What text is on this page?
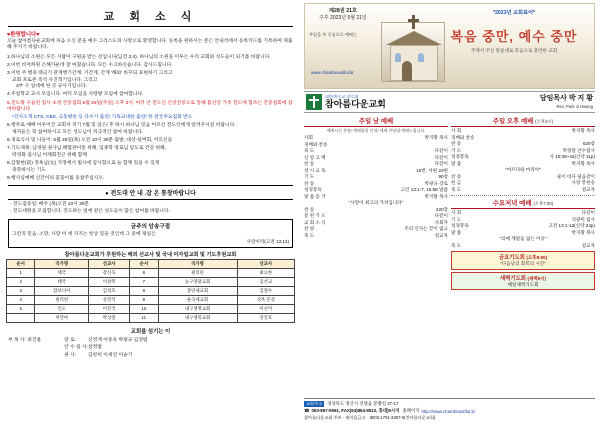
교 회 소 식
♥환영합니다♥
오늘 참아름다운교회에 처음 오신 분을 예수 그리스도의 사랑으로 환영합니다. 등록을 원하시는 분은 안내석에서 등록카드를 기록하여 제출해 주시기 바랍니다.
1.하나님의 소원은 모든 사람이 구원을 받는 것입니다(딤전 2:4). 하나님의 소원을 이루는 우리 교회와 성도들이 되기를 바랍니다.
2.이번 비저희원 은혜가운데 잘 마쳤습니다. 모든 수고하신습니다. 감사드립니다.
3.이번 주 행축 태극기 관계행기간계: 기간계, 간계 '해와' 바꾸되 표현하기 그리고
교회 포토존 즉석 사진찍기입니다. 그리고
3부 구 일대에 한 곳 규사기입니다.
4.주일학교 교사 모임니다. 여러 모임을 사랑방 모임에 참여합니다.
5.전도왕 구습연 집사 초청 간증집회 5월 28일(주일) 오후 3시, 여러 안 전도인 신앙간증으로 통해 불신앙 가족 전도에 힘쓰는 간증집회에 참여바랍니다.
*강사소개 CTS, CBS, 극동방송 등 다수기 출연/ 기독교대한 출연/ 한 전국주요집회 반도
5.행주로 예배 이루어진 교회자 격기 7월 및 일은/ 후 하시 하나님 믿음 어르신 전도인에게 알려주시길 바랍니다.
제자들은 꼭 참여하시고 모든 성도님이 적극적인 참여 바랍니다.
6.경로식사 및 나들이: 5월 25일(목) 오전 10시 30분 출발, 대상-실버회, 어르신들
7.기도제목: 남경원 권사님 패혈관이롱 위해, 임종학 장로님 암도로 건강 위해,
박경화 집사님 어깨회전근 위해 함께
8.감찰현(前) 정옥남(女) 가정에서 범사에 감사함으로 늘 함께 있을 수 있게
축복하시는 기도
9.행사십예배 신간이의 꽃꽂이를 동참주십시오.
● 전도대 안 내 .잡 온 통창바랍니다
· 전도집중일: 매주 (목)오전 10시 30분
· 전도대원을 모집합니다, 전도하는 일에 같은 성도들이 많은 참여를 바랍니다.
금주의 암송구절
그런즉 믿음, 소망, 사랑 이 세 가지는 항상 있을 것인데 그 중에 제일은
사랑이라(고전 13:13)
참아름다운교회가 후원하는 해외 선교사 및 국내 미자립교회 및 기도후원교회
순서	국가명	선교사	순서	국가명	선교사
1	태국	강신욱	6	필리핀	최요한
2	태국	이창복	7	농구영광교회	김선교
3	캄보디아	김성호	8	중앙새교회	김철수
4	필리핀	유민석	9	운곡새교회	경옥 문경
5	인도	이진국	10	대구생명교회	이선미
	미얀마	박상철	11	대구생복교회	강진호
교회를 섬기는 이
부 목 사: 최진용	장 로:	신정재 이중욱 박광규 김정범
안 수 집 사: 참정범
권 사:	김찬희 이세연 이슬기
제28권 21호
주후 2023년 5월 21일
주일을 주 중심으로 예배는
www.chambeautiful.kr
*2023년 교회표어*
복음 중만, 예수 중만
주께서 주신 말씀대로 복음으로 충만한 교회
대한예수교 장로회
참아름다운교회
담임목사 박 지 황
Rev. Park Ji Hwang
주일 낮 예배
예배시간 찬양/ 예배위원 안내/ 예배 찬양대 예배드립니다.
사회	박지황 목사
경배와 찬송
묵 도	다같이
신 앙 고 백	다같이
찬 송	다같이
성 시 교 독	15번, 서편 23편
기 도	90장
찬 송	박광규 장로
성경봉독	고린 13:1-7, 15:58 말씀
말 씀 증 거	박지황 목사
"사랑이 최고의 가치입니다"
찬 송	220장
봉 헌 기 도	다같이
교 회 소 식	사회자
찬 양	주의 인자는 끝이 없고
축 도	설교자
주일 오후 예배 (오후3시)
사 회	박지황 목사
경배와 찬송
찬 송	620장
기 도	박창달 안수집사
성경봉독	사 10:38~42(신약 11p)
말 씀	박지황 목사
"마르다와 마리아"
찬 송	물이 바다 덮음같이
헌 금	사랑 봉헌송
축 도	설교자
수요저녁 예배 (오후7:30)
사 회	다같이
기 도	석광미 집사
성경봉독	고전 13:1-13(신약 24p)
말 씀	박지황 목사
"의매 깨달음 없는 이유"
축 도	설교자
금요기도회 (오후9:00)
"다음날의 회복의 시간"
새벽기도회 (새벽5시)
매일새벽기도회
교회주소	경상북도 경산시 진량읍 봉황길 27-17
☎ 053-857-0691, FAX)53)854-9512, 휴대)0시지 홈페이지 http://www.chambeautiful.kr
참아름다운교회 주보 · 새마을금고 9002-1791-3367-0(진아름다운교회)
